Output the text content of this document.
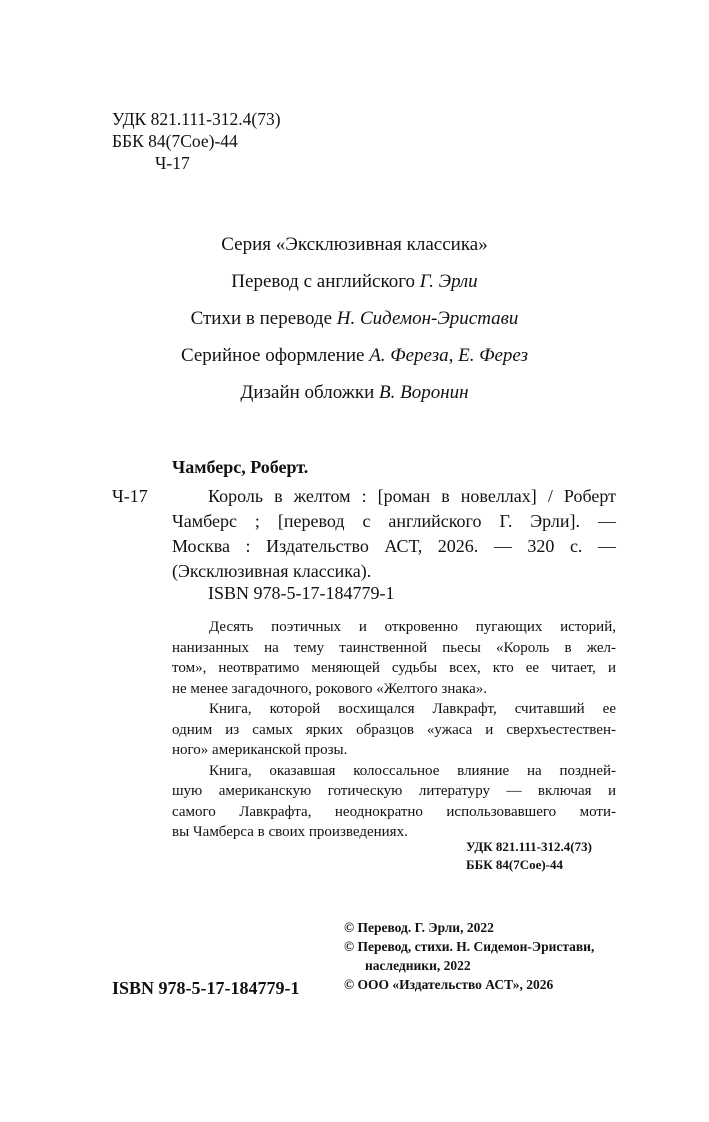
УДК 821.111-312.4(73)
ББК 84(7Сое)-44
Ч-17
Серия «Эксклюзивная классика»
Перевод с английского Г. Эрли
Стихи в переводе Н. Сидемон-Эристави
Серийное оформление А. Фереза, Е. Ферез
Дизайн обложки В. Воронин
Чамберс, Роберт.
Ч-17	Король в желтом : [роман в новеллах] / Роберт
Чамберс ; [перевод с английского Г. Эрли]. —
Москва : Издательство АСТ, 2026. — 320 с. —
(Эксклюзивная классика).
ISBN 978-5-17-184779-1
Десять поэтичных и откровенно пугающих историй,
нанизанных на тему таинственной пьесы «Король в жел-
том», неотвратимо меняющей судьбы всех, кто ее читает, и
не менее загадочного, рокового «Желтого знака».
Книга, которой восхищался Лавкрафт, считавший ее
одним из самых ярких образцов «ужаса и сверхъестествен-
ного» американской прозы.
Книга, оказавшая колоссальное влияние на поздней-
шую американскую готическую литературу — включая и
самого Лавкрафта, неоднократно использовавшего моти-
вы Чамберса в своих произведениях.
УДК 821.111-312.4(73)
ББК 84(7Сое)-44
© Перевод. Г. Эрли, 2022
© Перевод, стихи. Н. Сидемон-Эристави,
наследники, 2022
© ООО «Издательство АСТ», 2026
ISBN 978-5-17-184779-1
